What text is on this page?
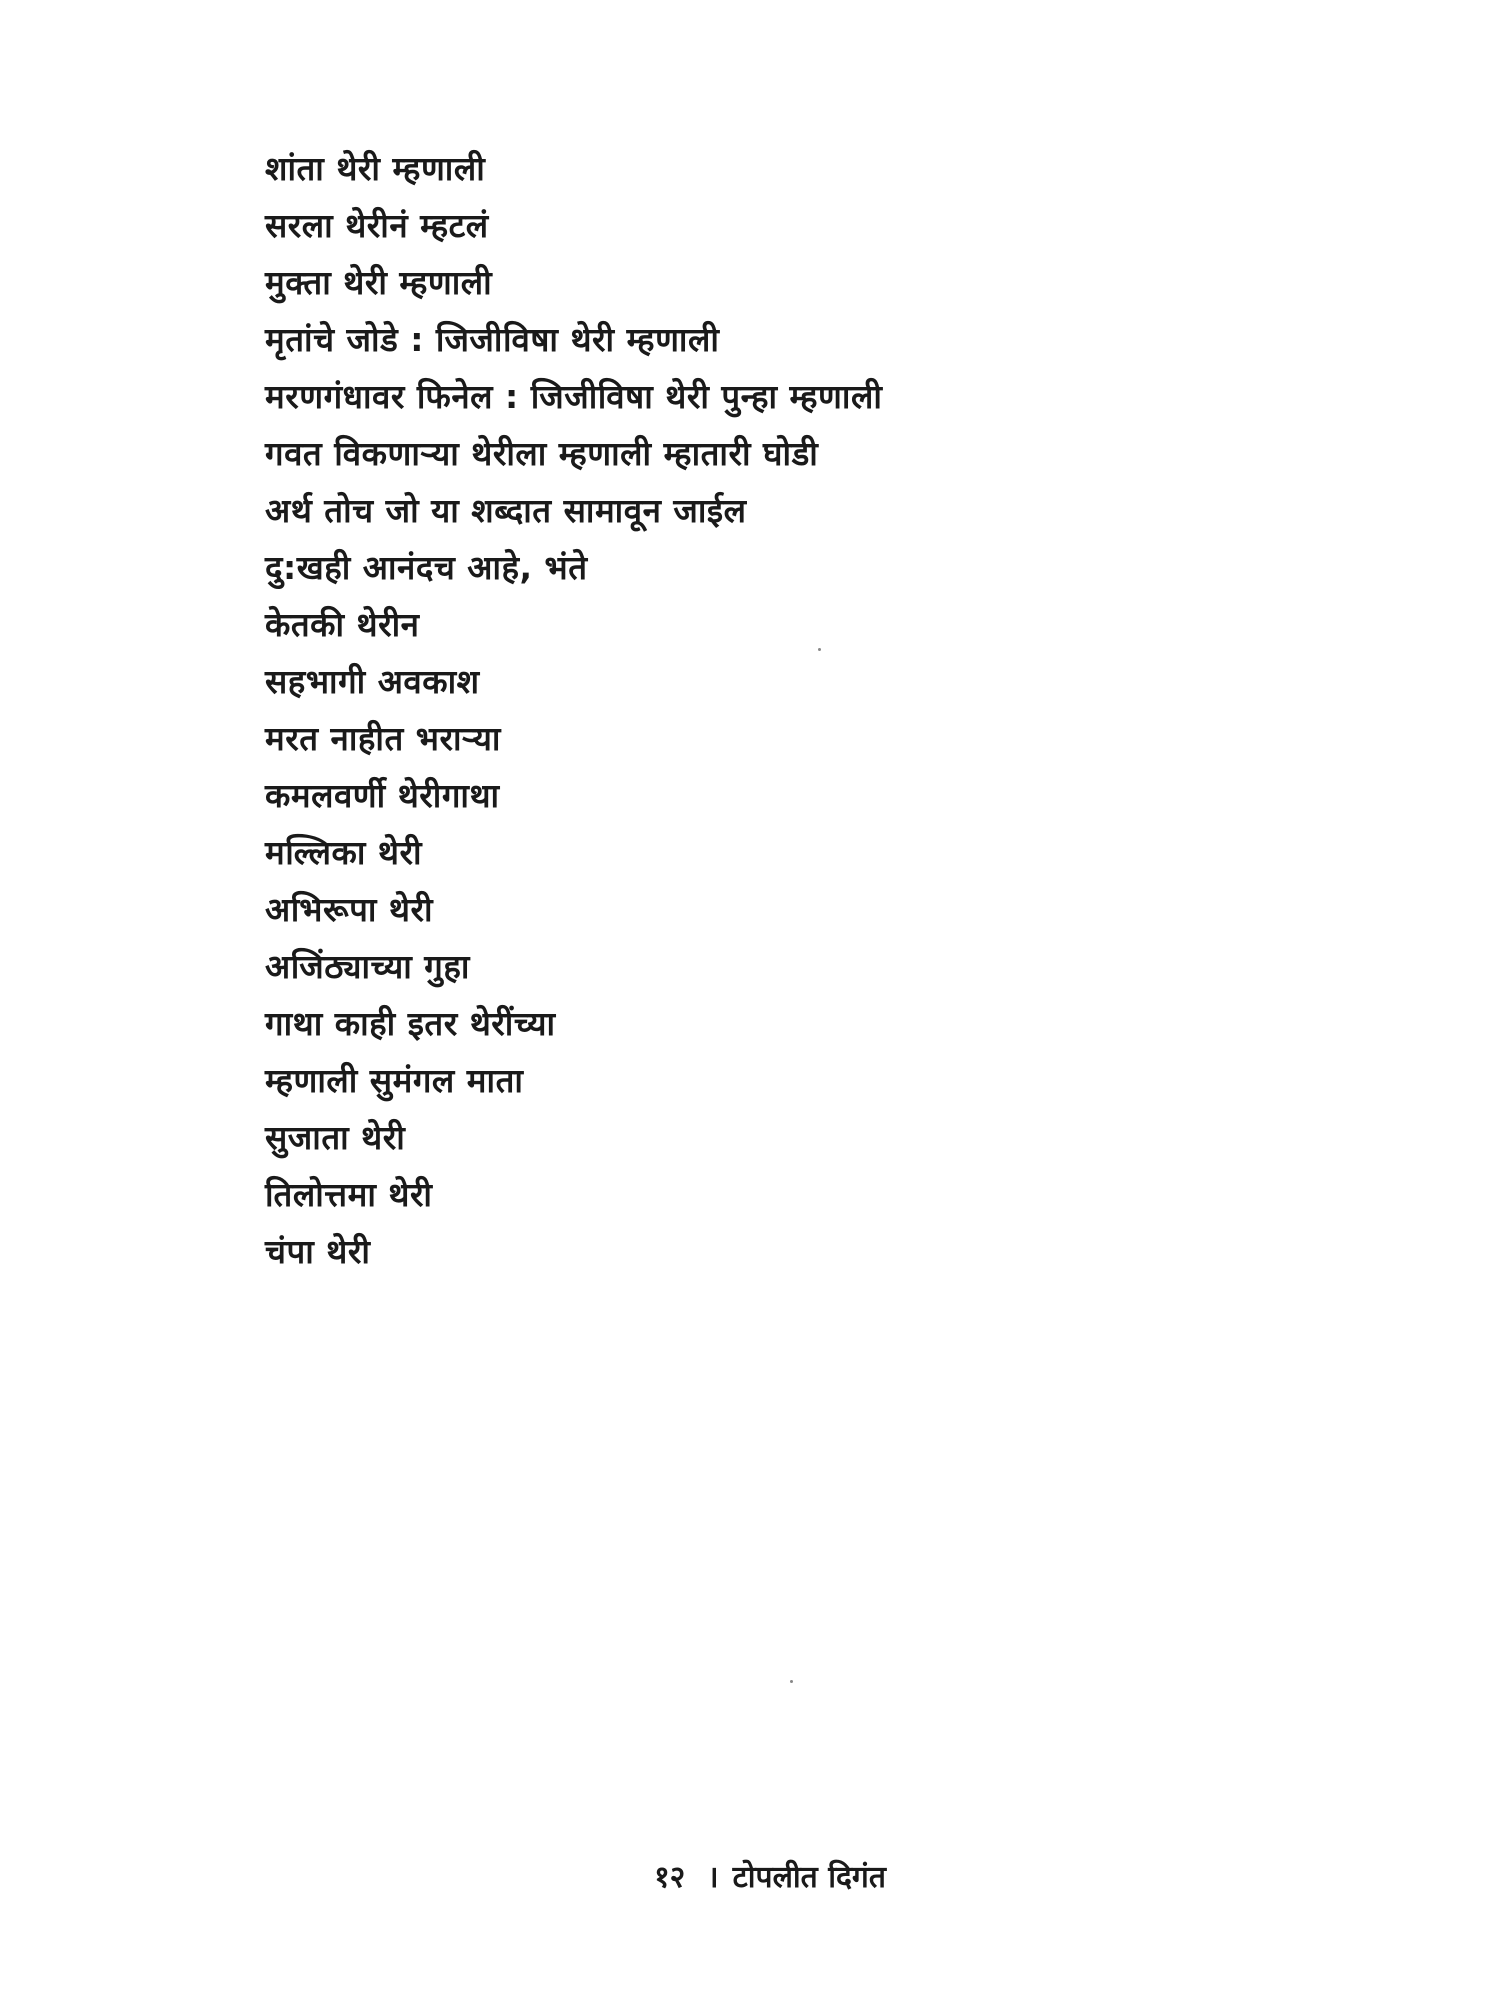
शांता थेरी म्हणाली
सरला थेरीनं म्हटलं
मुक्ता थेरी म्हणाली
मृतांचे जोडे : जिजीविषा थेरी म्हणाली
मरणगंधावर फिनेल : जिजीविषा थेरी पुन्हा म्हणाली
गवत विकणाऱ्या थेरीला म्हणाली म्हातारी घोडी
अर्थ तोच जो या शब्दात सामावून जाईल
दु:खही आनंदच आहे, भंते
केतकी थेरीन
सहभागी अवकाश
मरत नाहीत भराऱ्या
कमलवर्णी थेरीगाथा
मल्लिका थेरी
अभिरूपा थेरी
अजिंठ्याच्या गुहा
गाथा काही इतर थेरींच्या
म्हणाली सुमंगल माता
सुजाता थेरी
तिलोत्तमा थेरी
चंपा थेरी
१२ । टोपलीत दिगंत
